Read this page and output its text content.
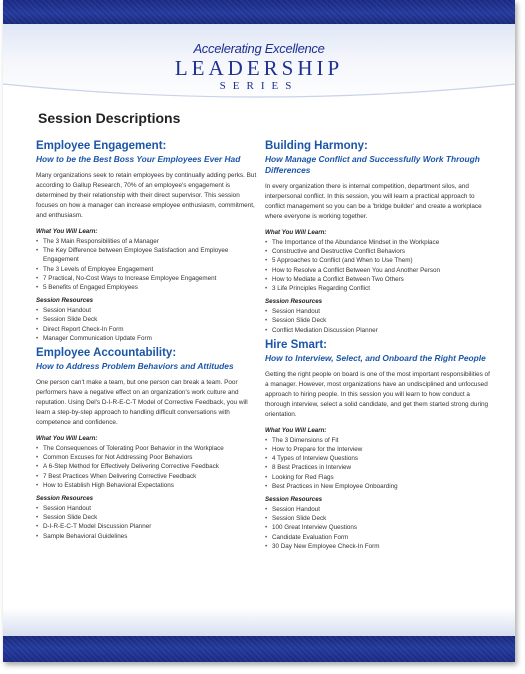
Accelerating Excellence
LEADERSHIP
SERIES
Session Descriptions
Employee Engagement:
How to be the Best Boss Your Employees Ever Had

Many organizations seek to retain employees by continually adding perks. But according to Gallup Research, 70% of an employee's engagement is determined by their relationship with their direct supervisor. This session focuses on how a manager can increase employee enthusiasm, commitment, and enthusiasm.

What You Will Learn:
• The 3 Main Responsibilities of a Manager
• The Key Difference between Employee Satisfaction and Employee Engagement
• The 3 Levels of Employee Engagement
• 7 Practical, No-Cost Ways to Increase Employee Engagement
• 5 Benefits of Engaged Employees
Session Resources
• Session Handout
• Session Slide Deck
• Direct Report Check-In Form
• Manager Communication Update Form
Employee Accountability:
How to Address Problem Behaviors and Attitudes

One person can't make a team, but one person can break a team. Poor performers have a negative effect on an organization's work culture and reputation. Using Del's D-I-R-E-C-T Model of Corrective Feedback, you will learn a step-by-step approach to handling difficult conversations with competence and confidence.

What You Will Learn:
• The Consequences of Tolerating Poor Behavior in the Workplace
• Common Excuses for Not Addressing Poor Behaviors
• A 6-Step Method for Effectively Delivering Corrective Feedback
• 7 Best Practices When Delivering Corrective Feedback
• How to Establish High Behavioral Expectations
Session Resources
• Session Handout
• Session Slide Deck
• D-I-R-E-C-T Model Discussion Planner
• Sample Behavioral Guidelines
Building Harmony:
How Manage Conflict and Successfully Work Through Differences

In every organization there is internal competition, department silos, and interpersonal conflict. In this session, you will learn a practical approach to conflict management so you can be a 'bridge builder' and create a workplace where everyone is working together.

What You Will Learn:
• The Importance of the Abundance Mindset in the Workplace
• Constructive and Destructive Conflict Behaviors
• 5 Approaches to Conflict (and When to Use Them)
• How to Resolve a Conflict Between You and Another Person
• How to Mediate a Conflict Between Two Others
• 3 Life Principles Regarding Conflict
Session Resources
• Session Handout
• Session Slide Deck
• Conflict Mediation Discussion Planner
Hire Smart:
How to Interview, Select, and Onboard the Right People

Getting the right people on board is one of the most important responsibilities of a manager. However, most organizations have an undisciplined and unfocused approach to hiring people. In this session you will learn to how conduct a thorough interview, select a solid candidate, and get them started strong during orientation.

What You Will Learn:
• The 3 Dimensions of Fit
• How to Prepare for the Interview
• 4 Types of Interview Questions
• 8 Best Practices in Interview
• Looking for Red Flags
• Best Practices in New Employee Onboarding
Session Resources
• Session Handout
• Session Slide Deck
• 100 Great Interview Questions
• Candidate Evaluation Form
• 30 Day New Employee Check-In Form
